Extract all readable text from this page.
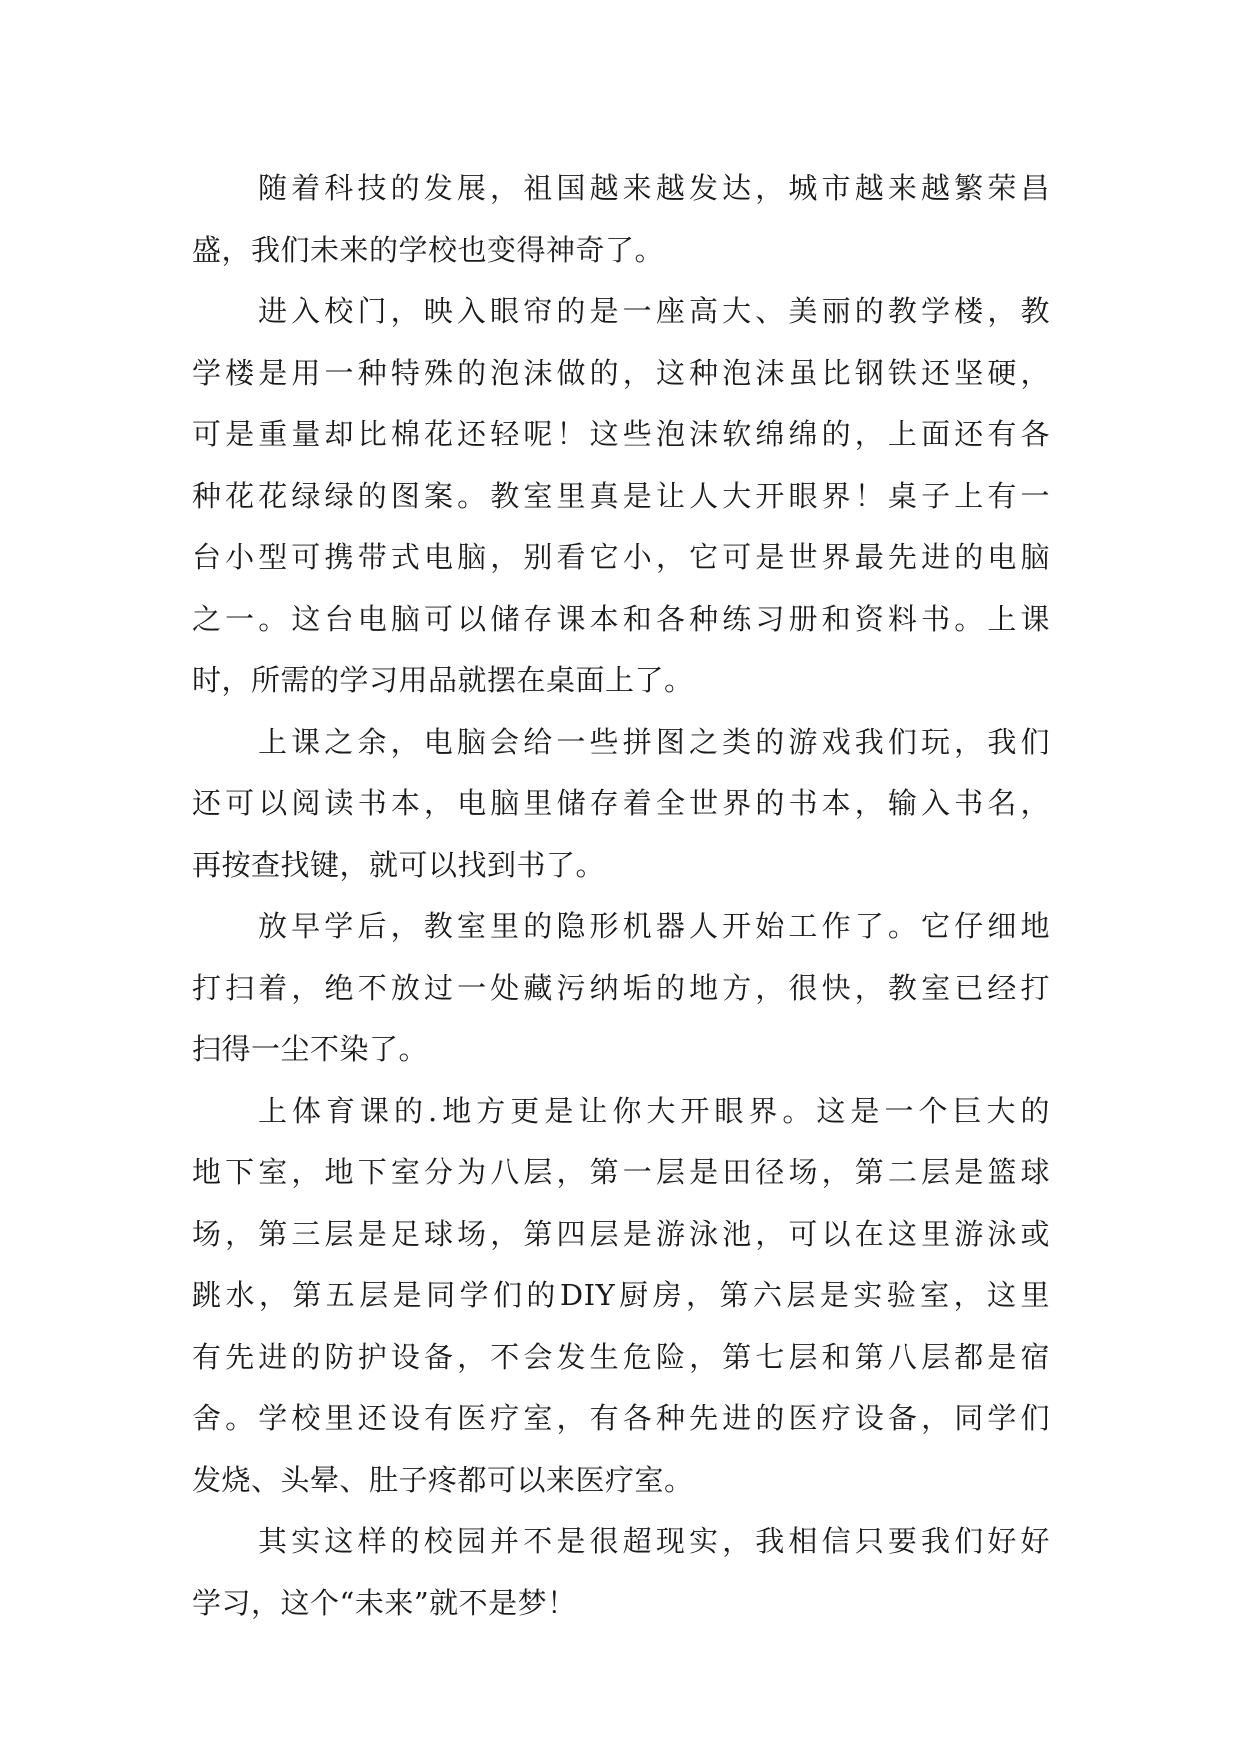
随着科技的发展，祖国越来越发达，城市越来越繁荣昌
盛，我们未来的学校也变得神奇了。
进入校门，映入眼帘的是一座高大、美丽的教学楼，教
学楼是用一种特殊的泡沫做的，这种泡沫虽比钢铁还坚硬，
可是重量却比棉花还轻呢！这些泡沫软绵绵的，上面还有各
种花花绿绿的图案。教室里真是让人大开眼界！桌子上有一
台小型可携带式电脑，别看它小，它可是世界最先进的电脑
之一。这台电脑可以储存课本和各种练习册和资料书。上课
时，所需的学习用品就摆在桌面上了。
上课之余，电脑会给一些拼图之类的游戏我们玩，我们
还可以阅读书本，电脑里储存着全世界的书本，输入书名，
再按查找键，就可以找到书了。
放早学后，教室里的隐形机器人开始工作了。它仔细地
打扫着，绝不放过一处藏污纳垢的地方，很快，教室已经打
扫得一尘不染了。
上体育课的.地方更是让你大开眼界。这是一个巨大的
地下室，地下室分为八层，第一层是田径场，第二层是篮球
场，第三层是足球场，第四层是游泳池，可以在这里游泳或
跳水，第五层是同学们的DIY厨房，第六层是实验室，这里
有先进的防护设备，不会发生危险，第七层和第八层都是宿
舍。学校里还设有医疗室，有各种先进的医疗设备，同学们
发烧、头晕、肚子疼都可以来医疗室。
其实这样的校园并不是很超现实，我相信只要我们好好
学习，这个“未来”就不是梦！
